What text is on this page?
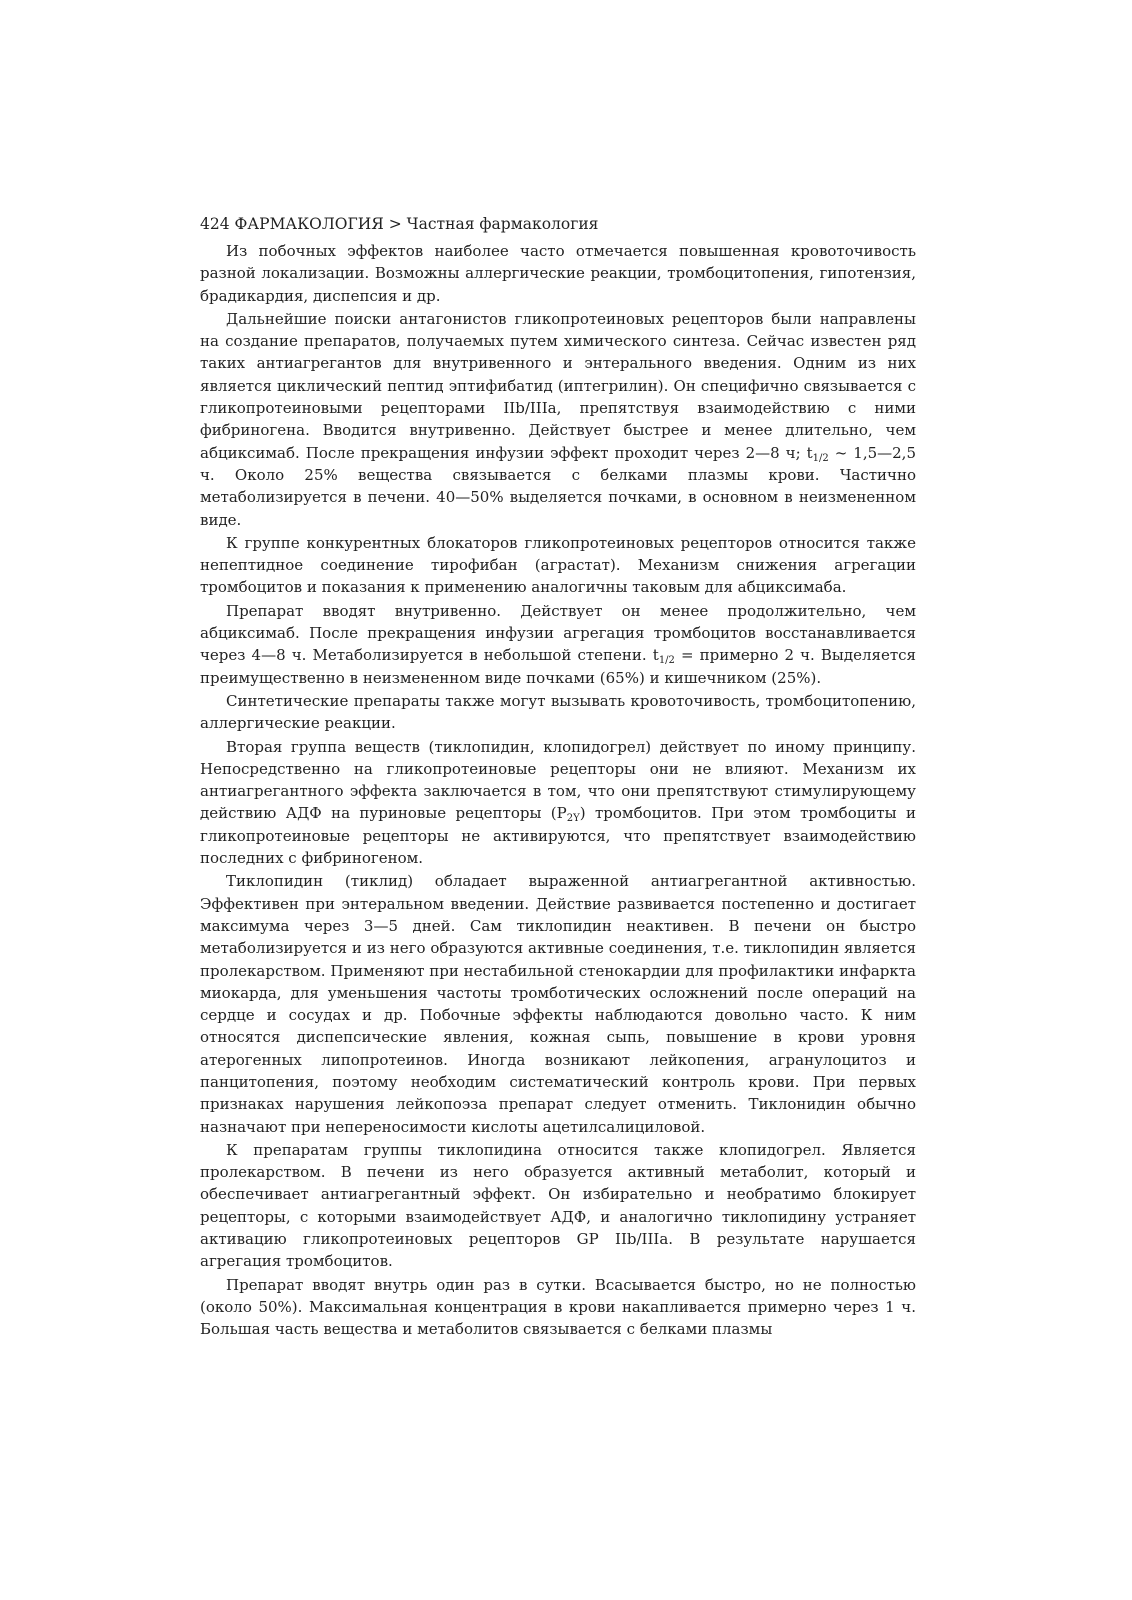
424 ФАРМАКОЛОГИЯ > Частная фармакология

Из побочных эффектов наиболее часто отмечается повышенная кровоточивость разной локализации. Возможны аллергические реакции, тромбоцитопения, гипотензия, брадикардия, диспепсия и др.

Дальнейшие поиски антагонистов гликопротеиновых рецепторов были направлены на создание препаратов, получаемых путем химического синтеза. Сейчас известен ряд таких антиагрегантов для внутривенного и энтерального введения. Одним из них является циклический пептид эптифибатид (иптегрилин). Он специфично связывается с гликопротеиновыми рецепторами IIb/IIIa, препятствуя взаимодействию с ними фибриногена. Вводится внутривенно. Действует быстрее и менее длительно, чем абциксимаб. После прекращения инфузии эффект проходит через 2—8 ч; $t_{1/2}$ ~ 1,5—2,5 ч. Около 25% вещества связывается с белками плазмы крови. Частично метаболизируется в печени. 40—50% выделяется почками, в основном в неизмененном виде.

К группе конкурентных блокаторов гликопротеиновых рецепторов относится также непептидное соединение тирофибан (аграстат). Механизм снижения агрегации тромбоцитов и показания к применению аналогичны таковым для абциксимаба.

Препарат вводят внутривенно. Действует он менее продолжительно, чем абциксимаб. После прекращения инфузии агрегация тромбоцитов восстанавливается через 4—8 ч. Метаболизируется в небольшой степени. $t_{1/2}$ = примерно 2 ч. Выделяется преимущественно в неизмененном виде почками (65%) и кишечником (25%).

Синтетические препараты также могут вызывать кровоточивость, тромбоцитопению, аллергические реакции.

Вторая группа веществ (тиклопидин, клопидогрел) действует по иному принципу. Непосредственно на гликопротеиновые рецепторы они не влияют. Механизм их антиагрегантного эффекта заключается в том, что они препятствуют стимулирующему действию АДФ на пуриновые рецепторы $(P_{2Y})$ тромбоцитов. При этом тромбоциты и гликопротеиновые рецепторы не активируются, что препятствует взаимодействию последних с фибриногеном.

Тиклопидин (тиклид) обладает выраженной антиагрегантной активностью. Эффективен при энтеральном введении. Действие развивается постепенно и достигает максимума через 3—5 дней. Сам тиклопидин неактивен. В печени он быстро метаболизируется и из него образуются активные соединения, т.е. тиклопидин является пролекарством. Применяют при нестабильной стенокардии для профилактики инфаркта миокарда, для уменьшения частоты тромботических осложнений после операций на сердце и сосудах и др. Побочные эффекты наблюдаются довольно часто. К ним относятся диспепсические явления, кожная сыпь, повышение в крови уровня атерогенных липопротеинов. Иногда возникают лейкопения, агранулоцитоз и панцитопения, поэтому необходим систематический контроль крови. При первых признаках нарушения лейкопоэза препарат следует отменить. Тиклонидин обычно назначают при непереносимости кислоты ацетилсалициловой.

К препаратам группы тиклопидина относится также клопидогрел. Является пролекарством. В печени из него образуется активный метаболит, который и обеспечивает антиагрегантный эффект. Он избирательно и необратимо блокирует рецепторы, с которыми взаимодействует АДФ, и аналогично тиклопидину устраняет активацию гликопротеиновых рецепторов GP IIb/IIIa. В результате нарушается агрегация тромбоцитов.

Препарат вводят внутрь один раз в сутки. Всасывается быстро, но не полностью (около 50%). Максимальная концентрация в крови накапливается примерно через 1 ч. Большая часть вещества и метаболитов связывается с белками плазмы
